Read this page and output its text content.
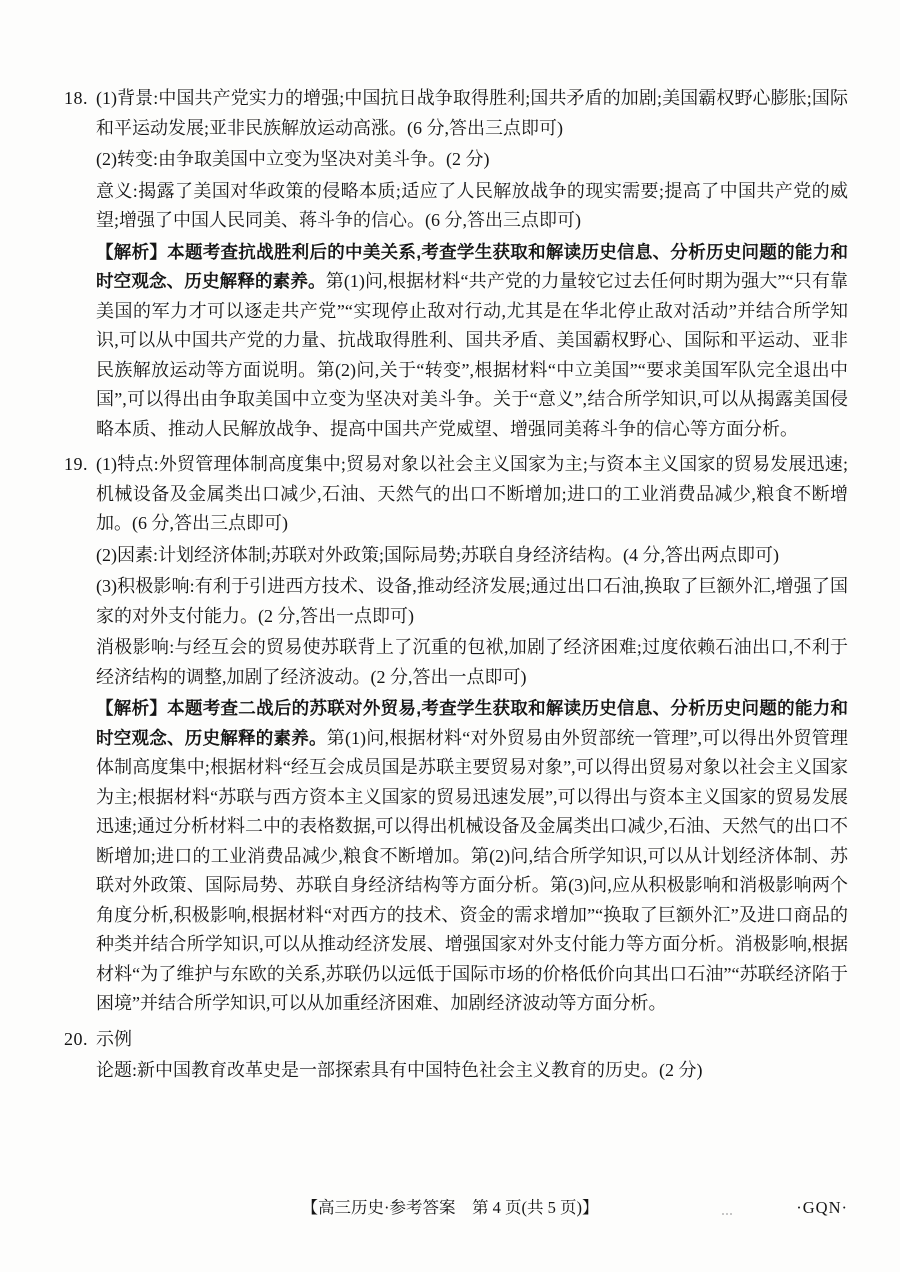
18. (1)背景:中国共产党实力的增强;中国抗日战争取得胜利;国共矛盾的加剧;美国霸权野心膨胀;国际和平运动发展;亚非民族解放运动高涨。(6 分,答出三点即可)

(2)转变:由争取美国中立变为坚决对美斗争。(2 分)

意义:揭露了美国对华政策的侵略本质;适应了人民解放战争的现实需要;提高了中国共产党的威望;增强了中国人民同美、蒋斗争的信心。(6 分,答出三点即可)

【解析】本题考查抗战胜利后的中美关系,考查学生获取和解读历史信息、分析历史问题的能力和时空观念、历史解释的素养。第(1)问,根据材料“共产党的力量较它过去任何时期为强大”“只有靠美国的军力才可以逐走共产党”“实现停止敌对行动,尤其是在华北停止敌对活动”并结合所学知识,可以从中国共产党的力量、抗战取得胜利、国共矛盾、美国霸权野心、国际和平运动、亚非民族解放运动等方面说明。第(2)问,关于“转变”,根据材料“中立美国”“要求美国军队完全退出中国”,可以得出由争取美国中立变为坚决对美斗争。关于“意义”,结合所学知识,可以从揭露美国侵略本质、推动人民解放战争、提高中国共产党威望、增强同美蒋斗争的信心等方面分析。

19. (1)特点:外贸管理体制高度集中;贸易对象以社会主义国家为主;与资本主义国家的贸易发展迅速;机械设备及金属类出口减少,石油、天然气的出口不断增加;进口的工业消费品减少,粮食不断增加。(6 分,答出三点即可)

(2)因素:计划经济体制;苏联对外政策;国际局势;苏联自身经济结构。(4 分,答出两点即可)

(3)积极影响:有利于引进西方技术、设备,推动经济发展;通过出口石油,换取了巨额外汇,增强了国家的对外支付能力。(2 分,答出一点即可)

消极影响:与经互会的贸易使苏联背上了沉重的包袱,加剧了经济困难;过度依赖石油出口,不利于经济结构的调整,加剧了经济波动。(2 分,答出一点即可)

【解析】本题考查二战后的苏联对外贸易,考查学生获取和解读历史信息、分析历史问题的能力和时空观念、历史解释的素养。第(1)问,根据材料“对外贸易由外贸部统一管理”,可以得出外贸管理体制高度集中;根据材料“经互会成员国是苏联主要贸易对象”,可以得出贸易对象以社会主义国家为主;根据材料“苏联与西方资本主义国家的贸易迅速发展”,可以得出与资本主义国家的贸易发展迅速;通过分析材料二中的表格数据,可以得出机械设备及金属类出口减少,石油、天然气的出口不断增加;进口的工业消费品减少,粮食不断增加。第(2)问,结合所学知识,可以从计划经济体制、苏联对外政策、国际局势、苏联自身经济结构等方面分析。第(3)问,应从积极影响和消极影响两个角度分析,积极影响,根据材料“对西方的技术、资金的需求增加”“换取了巨额外汇”及进口商品的种类并结合所学知识,可以从推动经济发展、增强国家对外支付能力等方面分析。消极影响,根据材料“为了维护与东欧的关系,苏联仍以远低于国际市场的价格低价向其出口石油”“苏联经济陷于困境”并结合所学知识,可以从加重经济困难、加剧经济波动等方面分析。

20. 示例

论题:新中国教育改革史是一部探索具有中国特色社会主义教育的历史。(2 分)

【高三历史·参考答案　第 4 页(共 5 页)】	·GQN·
